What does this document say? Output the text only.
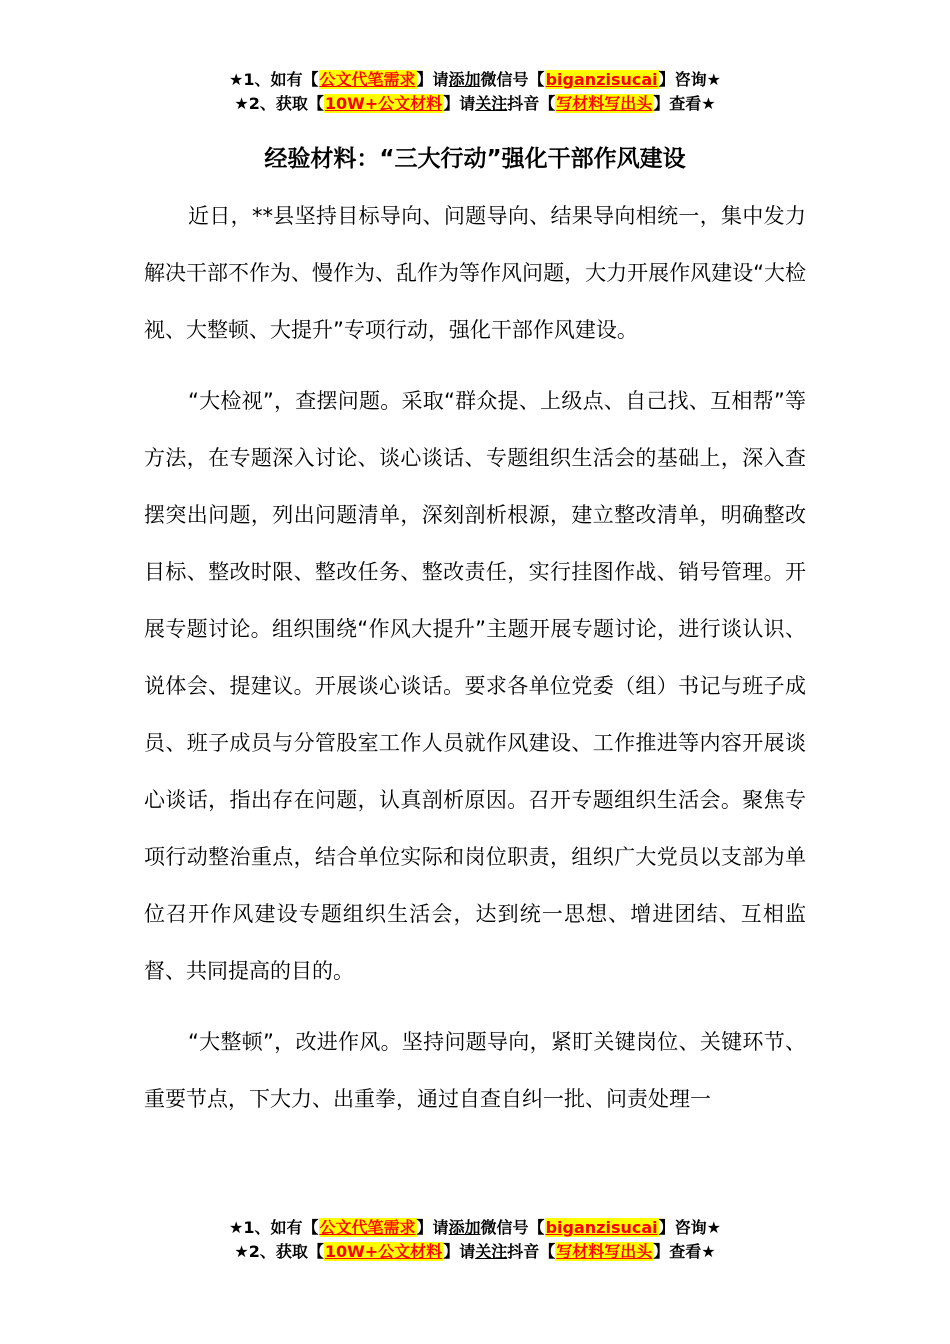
★1、如有【公文代笔需求】请添加微信号【biganzisucai】咨询★
★2、获取【10W+公文材料】请关注抖音【写材料写出头】查看★
经验材料：“三大行动”强化干部作风建设

近日，**县坚持目标导向、问题导向、结果导向相统一，集中发力解决干部不作为、慢作为、乱作为等作风问题，大力开展作风建设“大检视、大整顿、大提升”专项行动，强化干部作风建设。

“大检视”，查摆问题。采取“群众提、上级点、自己找、互相帮”等方法，在专题深入讨论、谈心谈话、专题组织生活会的基础上，深入查摆突出问题，列出问题清单，深刻剖析根源，建立整改清单，明确整改目标、整改时限、整改任务、整改责任，实行挂图作战、销号管理。开展专题讨论。组织围绕“作风大提升”主题开展专题讨论，进行谈认识、说体会、提建议。开展谈心谈话。要求各单位党委（组）书记与班子成员、班子成员与分管股室工作人员就作风建设、工作推进等内容开展谈心谈话，指出存在问题，认真剖析原因。召开专题组织生活会。聚焦专项行动整治重点，结合单位实际和岗位职责，组织广大党员以支部为单位召开作风建设专题组织生活会，达到统一思想、增进团结、互相监督、共同提高的目的。

“大整顿”，改进作风。坚持问题导向，紧盯关键岗位、关键环节、重要节点，下大力、出重拳，通过自查自纠一批、问责处理一

★1、如有【公文代笔需求】请添加微信号【biganzisucai】咨询★
★2、获取【10W+公文材料】请关注抖音【写材料写出头】查看★
